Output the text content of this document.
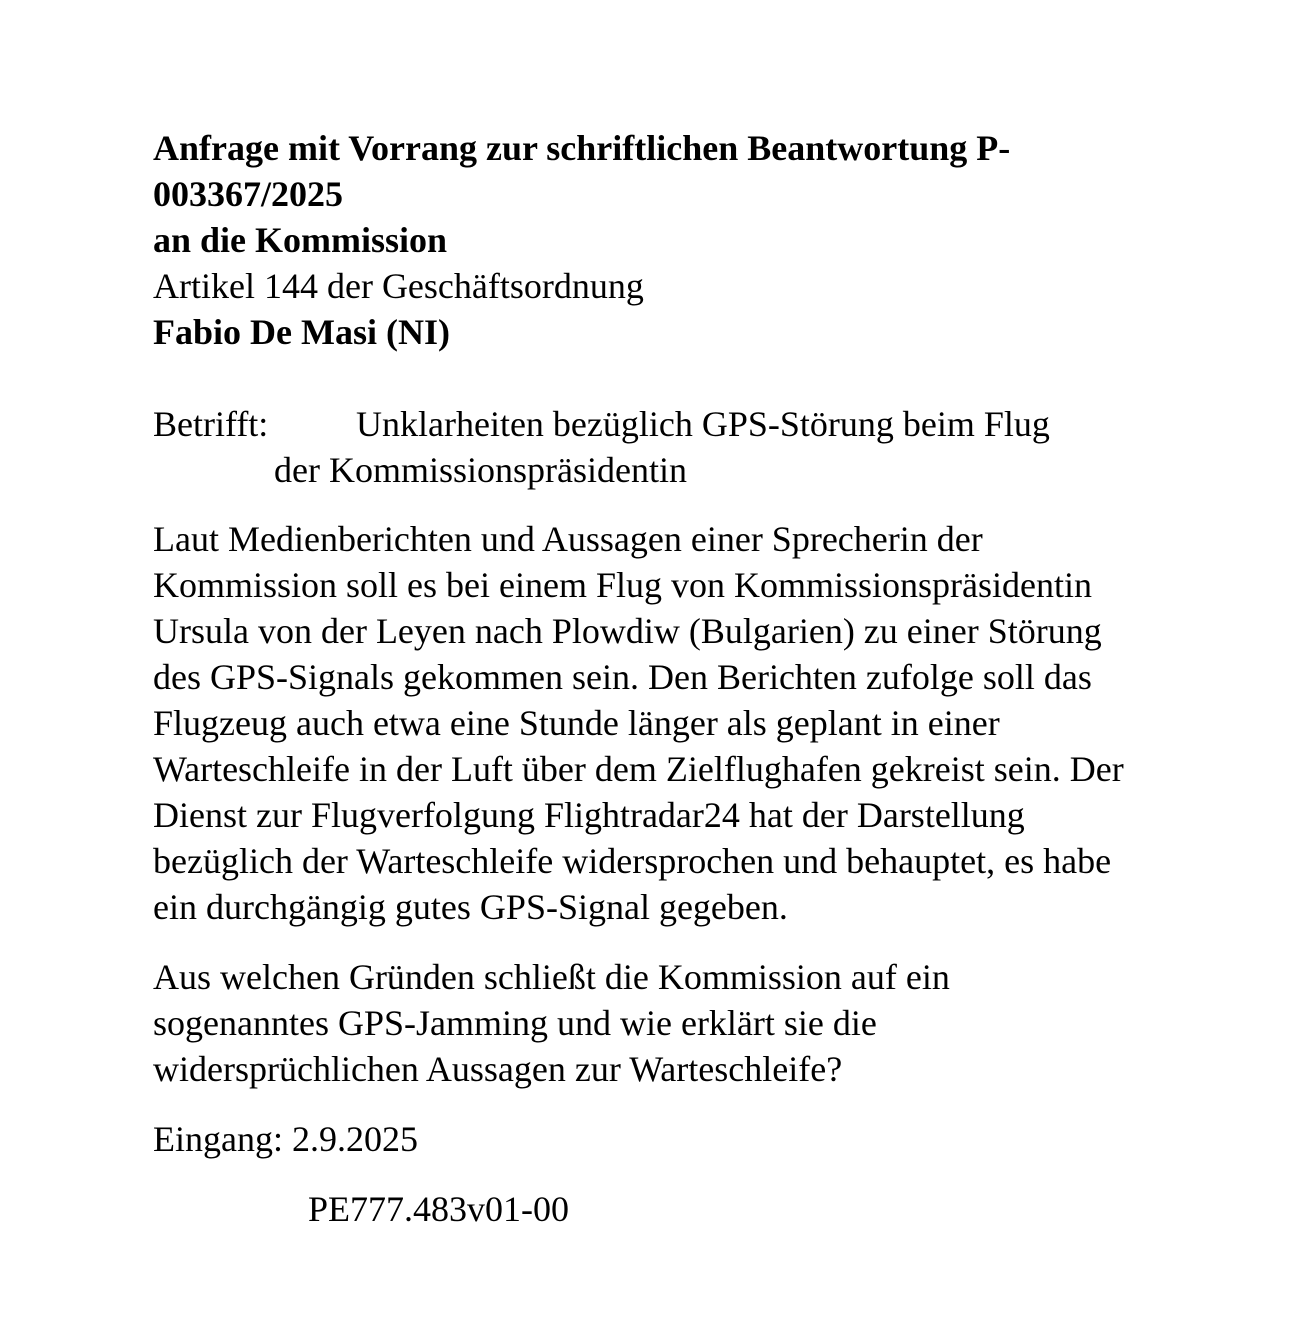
Anfrage mit Vorrang zur schriftlichen Beantwortung P-

003367/2025

an die Kommission

Artikel 144 der Geschäftsordnung

Fabio De Masi (NI)

Betrifft: Unklarheiten bezüglich GPS-Störung beim Flug
der Kommissionspräsidentin

Laut Medienberichten und Aussagen einer Sprecherin der Kommission soll es bei einem Flug von Kommissionspräsidentin Ursula von der Leyen nach Plowdiw (Bulgarien) zu einer Störung des GPS-Signals gekommen sein. Den Berichten zufolge soll das Flugzeug auch etwa eine Stunde länger als geplant in einer Warteschleife in der Luft über dem Zielflughafen gekreist sein. Der Dienst zur Flugverfolgung Flightradar24 hat der Darstellung bezüglich der Warteschleife widersprochen und behauptet, es habe ein durchgängig gutes GPS-Signal gegeben.

Aus welchen Gründen schließt die Kommission auf ein sogenanntes GPS-Jamming und wie erklärt sie die widersprüchlichen Aussagen zur Warteschleife?

Eingang: 2.9.2025
PE777.483v01-00
